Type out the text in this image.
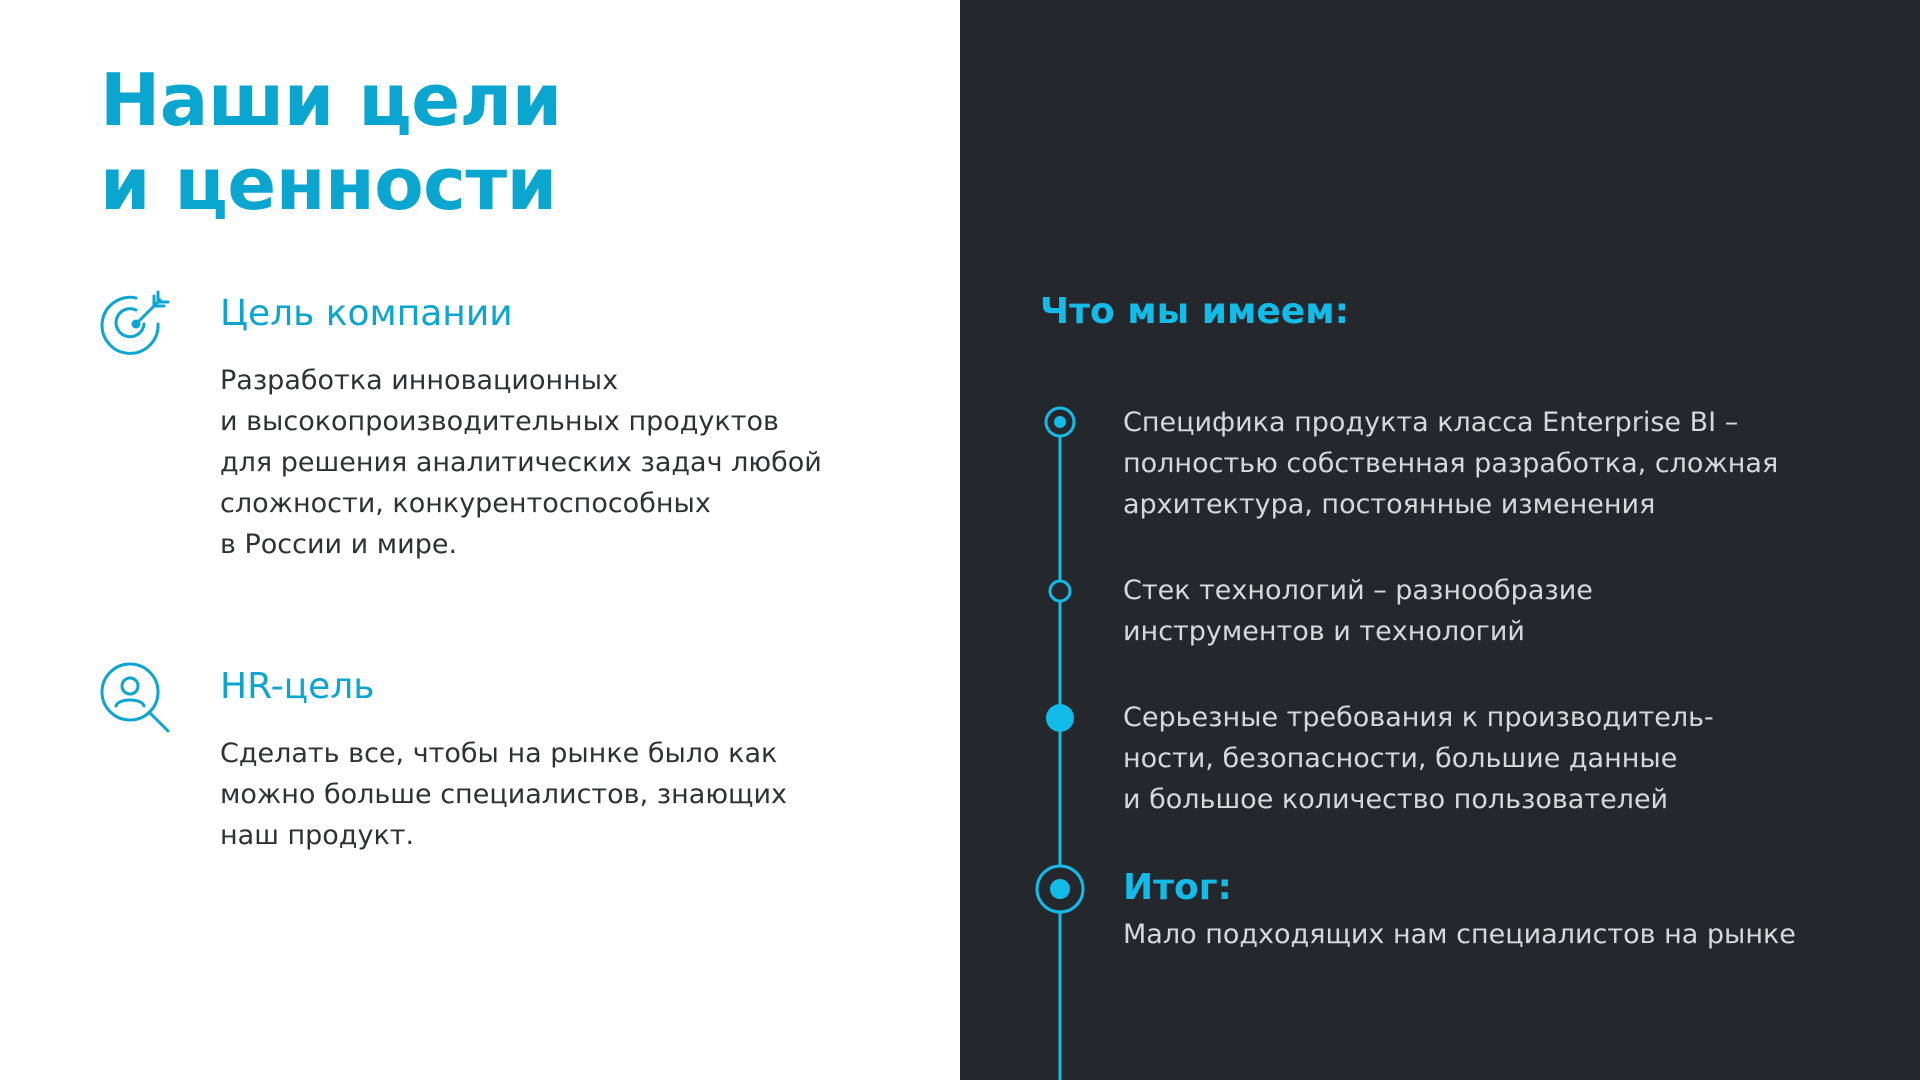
Наши цели
и ценности
Цель компании

Разработка инновационных
и высокопроизводительных продуктов
для решения аналитических задач любой
сложности, конкурентоспособных
в России и мире.

HR-цель

Сделать все, чтобы на рынке было как
можно больше специалистов, знающих
наш продукт.

Что мы имеем:

Специфика продукта класса Enterprise BI –
полностью собственная разработка, сложная
архитектура, постоянные изменения

Стек технологий – разнообразие
инструментов и технологий

Серьезные требования к производитель-
ности, безопасности, большие данные
и большое количество пользователей

Итог:

Мало подходящих нам специалистов на рынке
